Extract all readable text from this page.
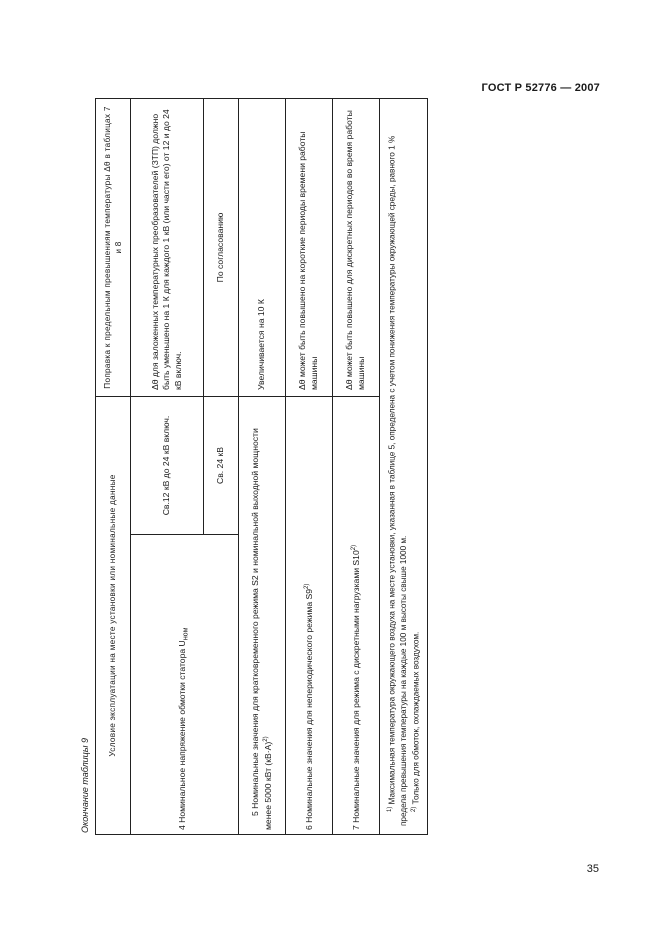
ГОСТ Р 52776 — 2007
Окончание таблицы 9
Условие эксплуатации на месте установки или номинальные данные		Поправка к предельным превышениям температуры Δθ в таблицах 7 и 8
4 Номинальное напряжение обмотки статора $U_{ном}$	Св.12 кВ до 24 кВ включ.	Δθ для заложенных температурных преобразователей (ЗТП) должно быть уменьшено на 1 К для каждого 1 кВ (или части его) от 12 и до 24 кВ включ.
	Св. 24 кВ	По согласованию
5 Номинальные значения для кратковременного режима S2 и номинальной выходной мощности менее 5000 кВт $(кВ\cdot А)^{2)}$		Увеличивается на 10 К
6 Номинальные значения для непериодического режима S9$^{2)}$		Δθ может быть повышено на короткие периоды времени работы машины
7 Номинальные значения для режима с дискретными нагрузками S10$^{2)}$		Δθ может быть повышено для дискретных периодов во время работы машины

$^{1)}$ Максимальная температура окружающего воздуха на месте установки, указанная в таблице 5, определена с учетом понижения температуры окружающей среды, равного 1 % предела превышения температуры на каждые 100 м высоты свыше 1000 м. $^{2)}$ Только для обмоток, охлаждаемых воздухом.		
35
